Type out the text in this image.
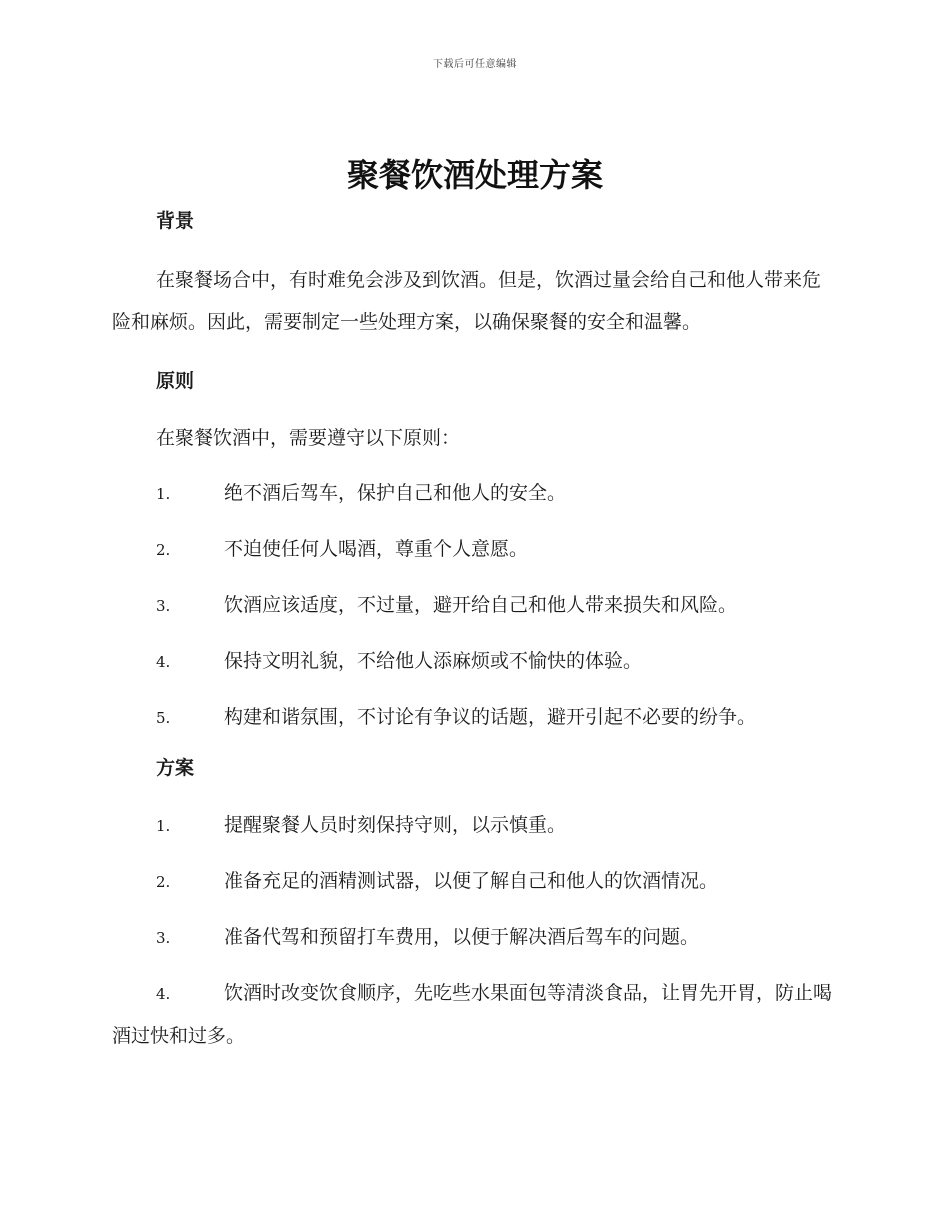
下载后可任意编辑
聚餐饮酒处理方案
背景

在聚餐场合中，有时难免会涉及到饮酒。但是，饮酒过量会给自己和他人带来危险和麻烦。因此，需要制定一些处理方案，以确保聚餐的安全和温馨。

原则

在聚餐饮酒中，需要遵守以下原则：

1.	绝不酒后驾车，保护自己和他人的安全。
2.	不迫使任何人喝酒，尊重个人意愿。
3.	饮酒应该适度，不过量，避开给自己和他人带来损失和风险。
4.	保持文明礼貌，不给他人添麻烦或不愉快的体验。
5.	构建和谐氛围，不讨论有争议的话题，避开引起不必要的纷争。
方案
1.	提醒聚餐人员时刻保持守则，以示慎重。
2.	准备充足的酒精测试器，以便了解自己和他人的饮酒情况。
3.	准备代驾和预留打车费用，以便于解决酒后驾车的问题。
4.	饮酒时改变饮食顺序，先吃些水果面包等清淡食品，让胃先开胃，防止喝酒过快和过多。
